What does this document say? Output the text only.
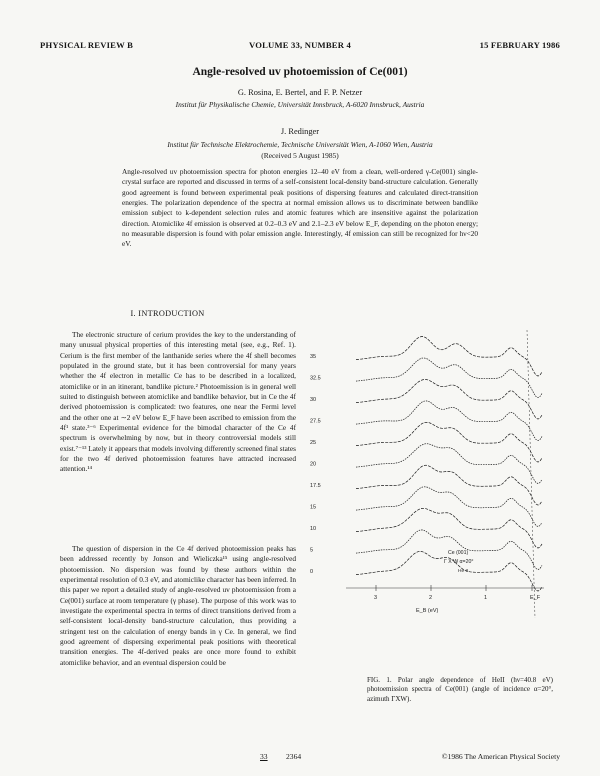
PHYSICAL REVIEW B	VOLUME 33, NUMBER 4	15 FEBRUARY 1986
Angle-resolved uv photoemission of Ce(001)
G. Rosina, E. Bertel, and F. P. Netzer
Institut für Physikalische Chemie, Universität Innsbruck, A-6020 Innsbruck, Austria
J. Redinger
Institut für Technische Elektrochemie, Technische Universität Wien, A-1060 Wien, Austria
(Received 5 August 1985)
Angle-resolved uv photoemission spectra for photon energies 12–40 eV from a clean, well-ordered γ-Ce(001) single-crystal surface are reported and discussed in terms of a self-consistent local-density band-structure calculation. Generally good agreement is found between experimental peak positions of dispersing features and calculated direct-transition energies. The polarization dependence of the spectra at normal emission allows us to discriminate between bandlike emission subject to k-dependent selection rules and atomic features which are insensitive against the polarization direction. Atomiclike 4f emission is observed at 0.2–0.3 eV and 2.1–2.3 eV below E_F, depending on the photon energy; no measurable dispersion is found with polar emission angle. Interestingly, 4f emission can still be recognized for hν<20 eV.
I. INTRODUCTION
The electronic structure of cerium provides the key to the understanding of many unusual physical properties of this interesting metal (see, e.g., Ref. 1). Cerium is the first member of the lanthanide series where the 4f shell becomes populated in the ground state, but it has been controversial for many years whether the 4f electron in metallic Ce has to be described in a localized, atomiclike or in an itinerant, bandlike picture.² Photoemission is in general well suited to distinguish between atomiclike and bandlike behavior, but in Ce the 4f derived photoemission is complicated: two features, one near the Fermi level and the other one at ∼2 eV below E_F have been ascribed to emission from the 4f¹ state.³⁻⁶ Experimental evidence for the bimodal character of the Ce 4f spectrum is overwhelming by now, but in theory controversial models still exist.⁷⁻¹³ Lately it appears that models involving differently screened final states for the two 4f derived photoemission features have attracted increased attention.¹⁴
The question of dispersion in the Ce 4f derived photoemission peaks has been addressed recently by Jonson and Wieliczka¹⁵ using angle-resolved photoemission. No dispersion was found by these authors within the experimental resolution of 0.3 eV, and atomiclike character has been inferred. In this paper we report a detailed study of angle-resolved uv photoemission from a Ce(001) surface at room temperature (γ phase). The purpose of this work was to investigate the experimental spectra in terms of direct transitions derived from a self-consistent local-density band-structure calculation, thus providing a stringent test on the calculation of energy bands in γ Ce. In general, we find good agreement of dispersing experimental peak positions with theoretical transition energies. The 4f-derived peaks are once more found to exhibit atomiclike behavior, and an eventual dispersion could be
35
32.5
30
27.5
25
20
17.5
15
10
5
0
3	2	1	E_F
E_B (eV)
Ce (001)
Γ X W α=20°
He II
FIG. 1. Polar angle dependence of HeII (hν=40.8 eV) photoemission spectra of Ce(001) (angle of incidence α=20°, azimuth ΓXW).
33 2364	©1986 The American Physical Society
